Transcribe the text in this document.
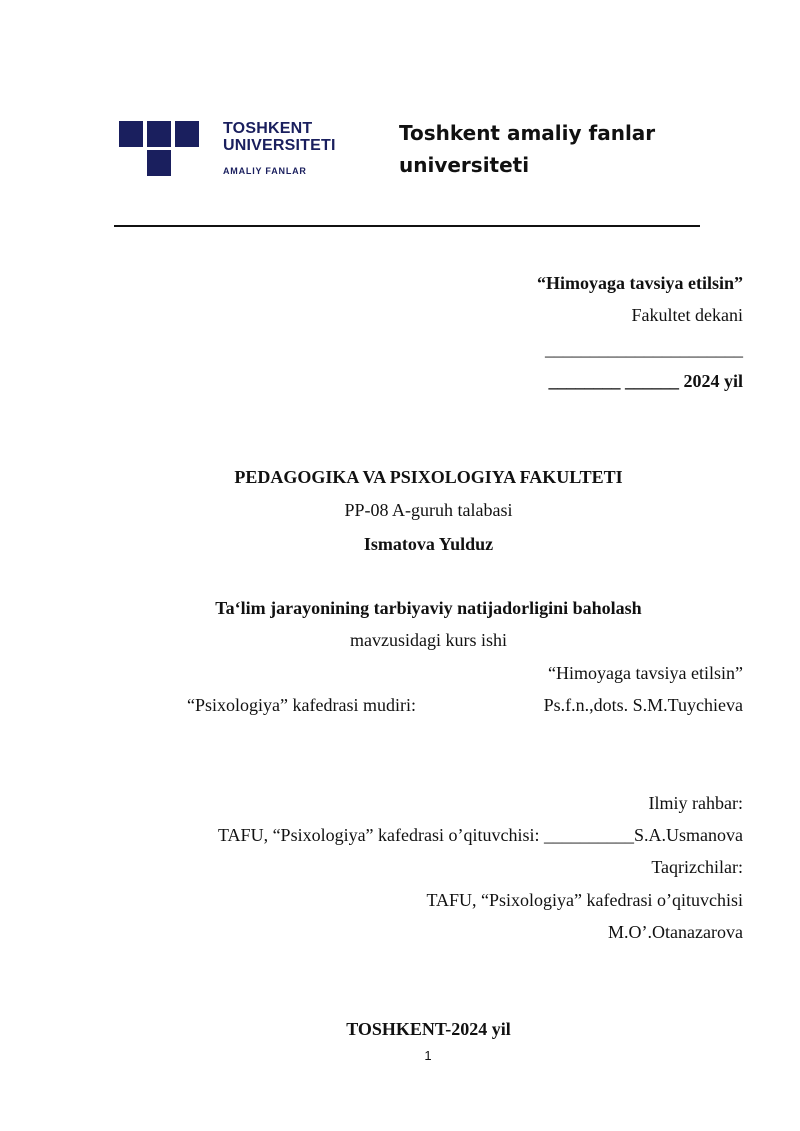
TOSHKENT
UNIVERSITETI
AMALIY FANLAR
Toshkent amaliy fanlar universiteti
“Himoyaga tavsiya etilsin”
Fakultet dekani
______________________
________ ______ 2024 yil
PEDAGOGIKA VA PSIXOLOGIYA FAKULTETI
PP-08 A-guruh talabasi
Ismatova Yulduz
Ta‘lim jarayonining tarbiyaviy natijadorligini baholash
mavzusidagi kurs ishi
“Himoyaga tavsiya etilsin”
“Psixologiya” kafedrasi mudiri:	Ps.f.n.,dots. S.M.Tuychieva
Ilmiy rahbar:
TAFU, “Psixologiya” kafedrasi o’qituvchisi: __________S.A.Usmanova
Taqrizchilar:
TAFU, “Psixologiya” kafedrasi o’qituvchisi
M.O’.Otanazarova
TOSHKENT-2024 yil
1
